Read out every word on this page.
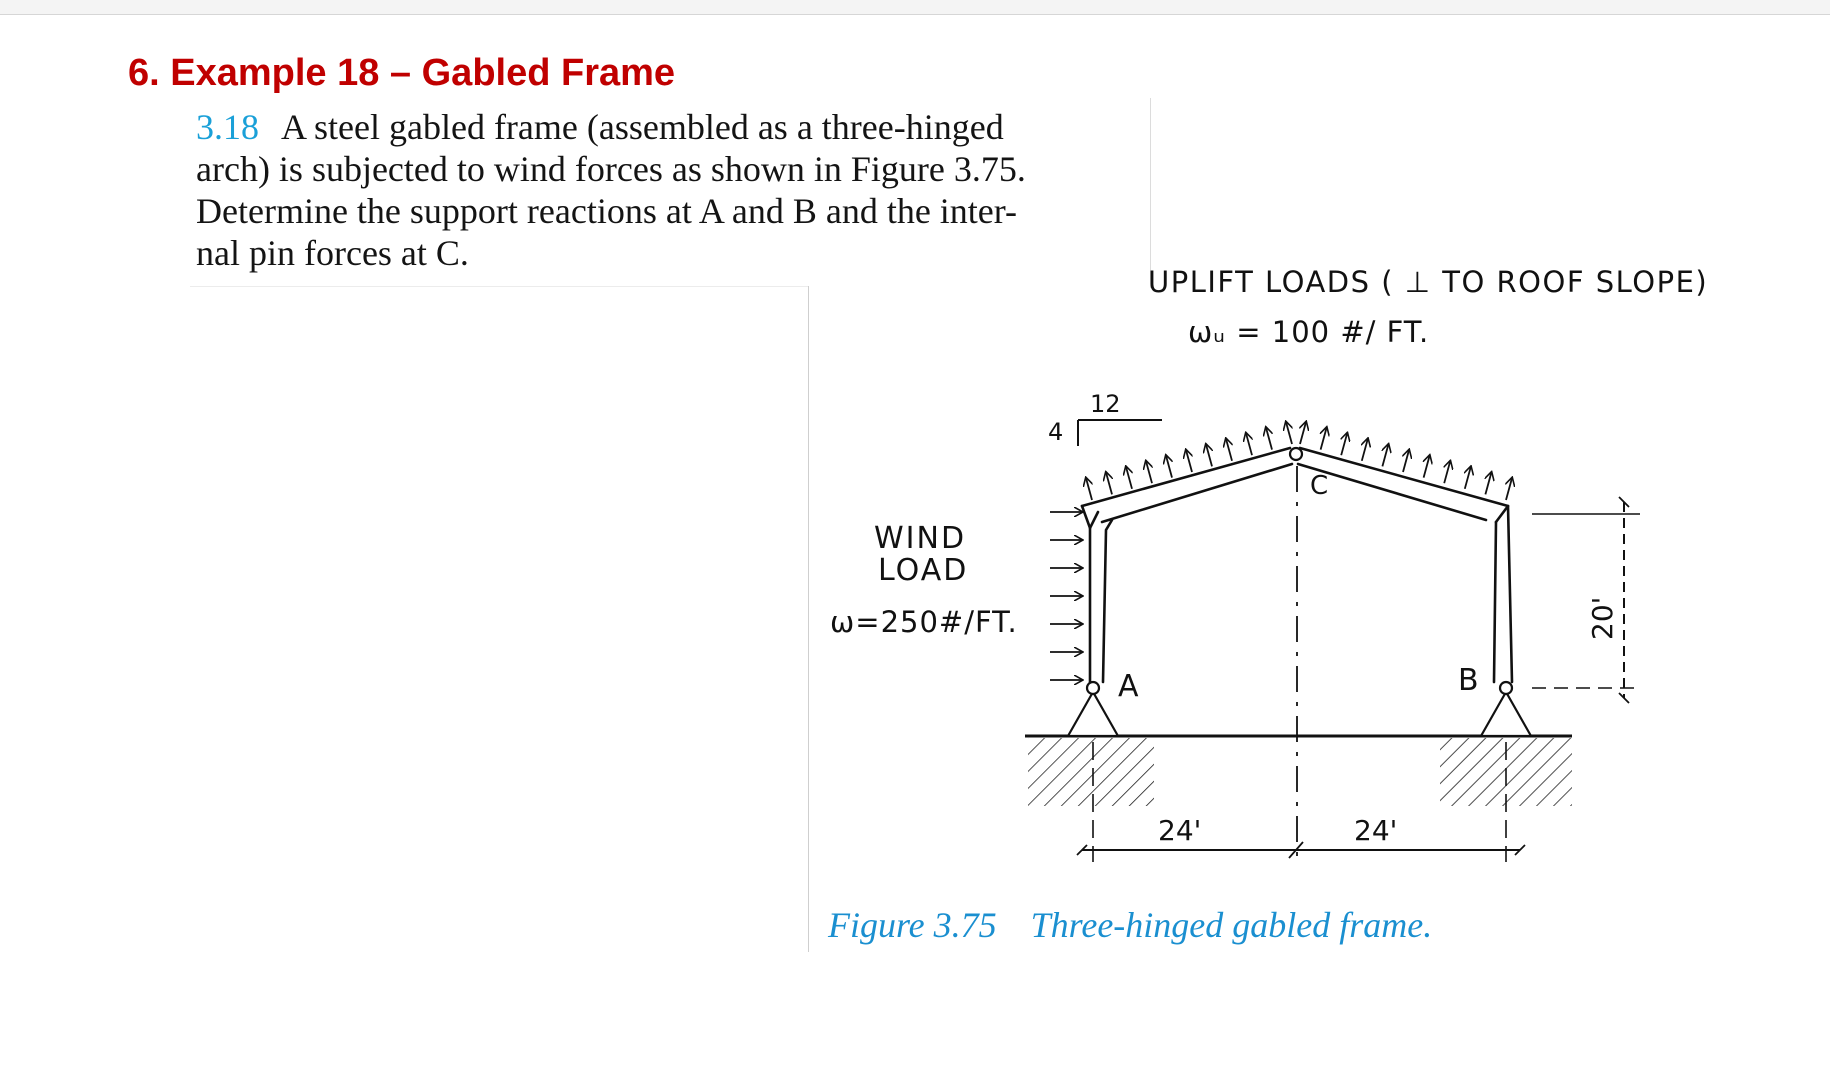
6. Example 18 – Gabled Frame
3.18 A steel gabled frame (assembled as a three-hinged
arch) is subjected to wind forces as shown in Figure 3.75.
Determine the support reactions at A and B and the inter-
nal pin forces at C.
UPLIFT LOADS ( ⊥ TO ROOF SLOPE)
ωᵤ = 100 #/ FT.
12
4
WIND
LOAD
ω=250#/FT.
A	B
C
24'	24'
20'
Figure 3.75 Three-hinged gabled frame.
